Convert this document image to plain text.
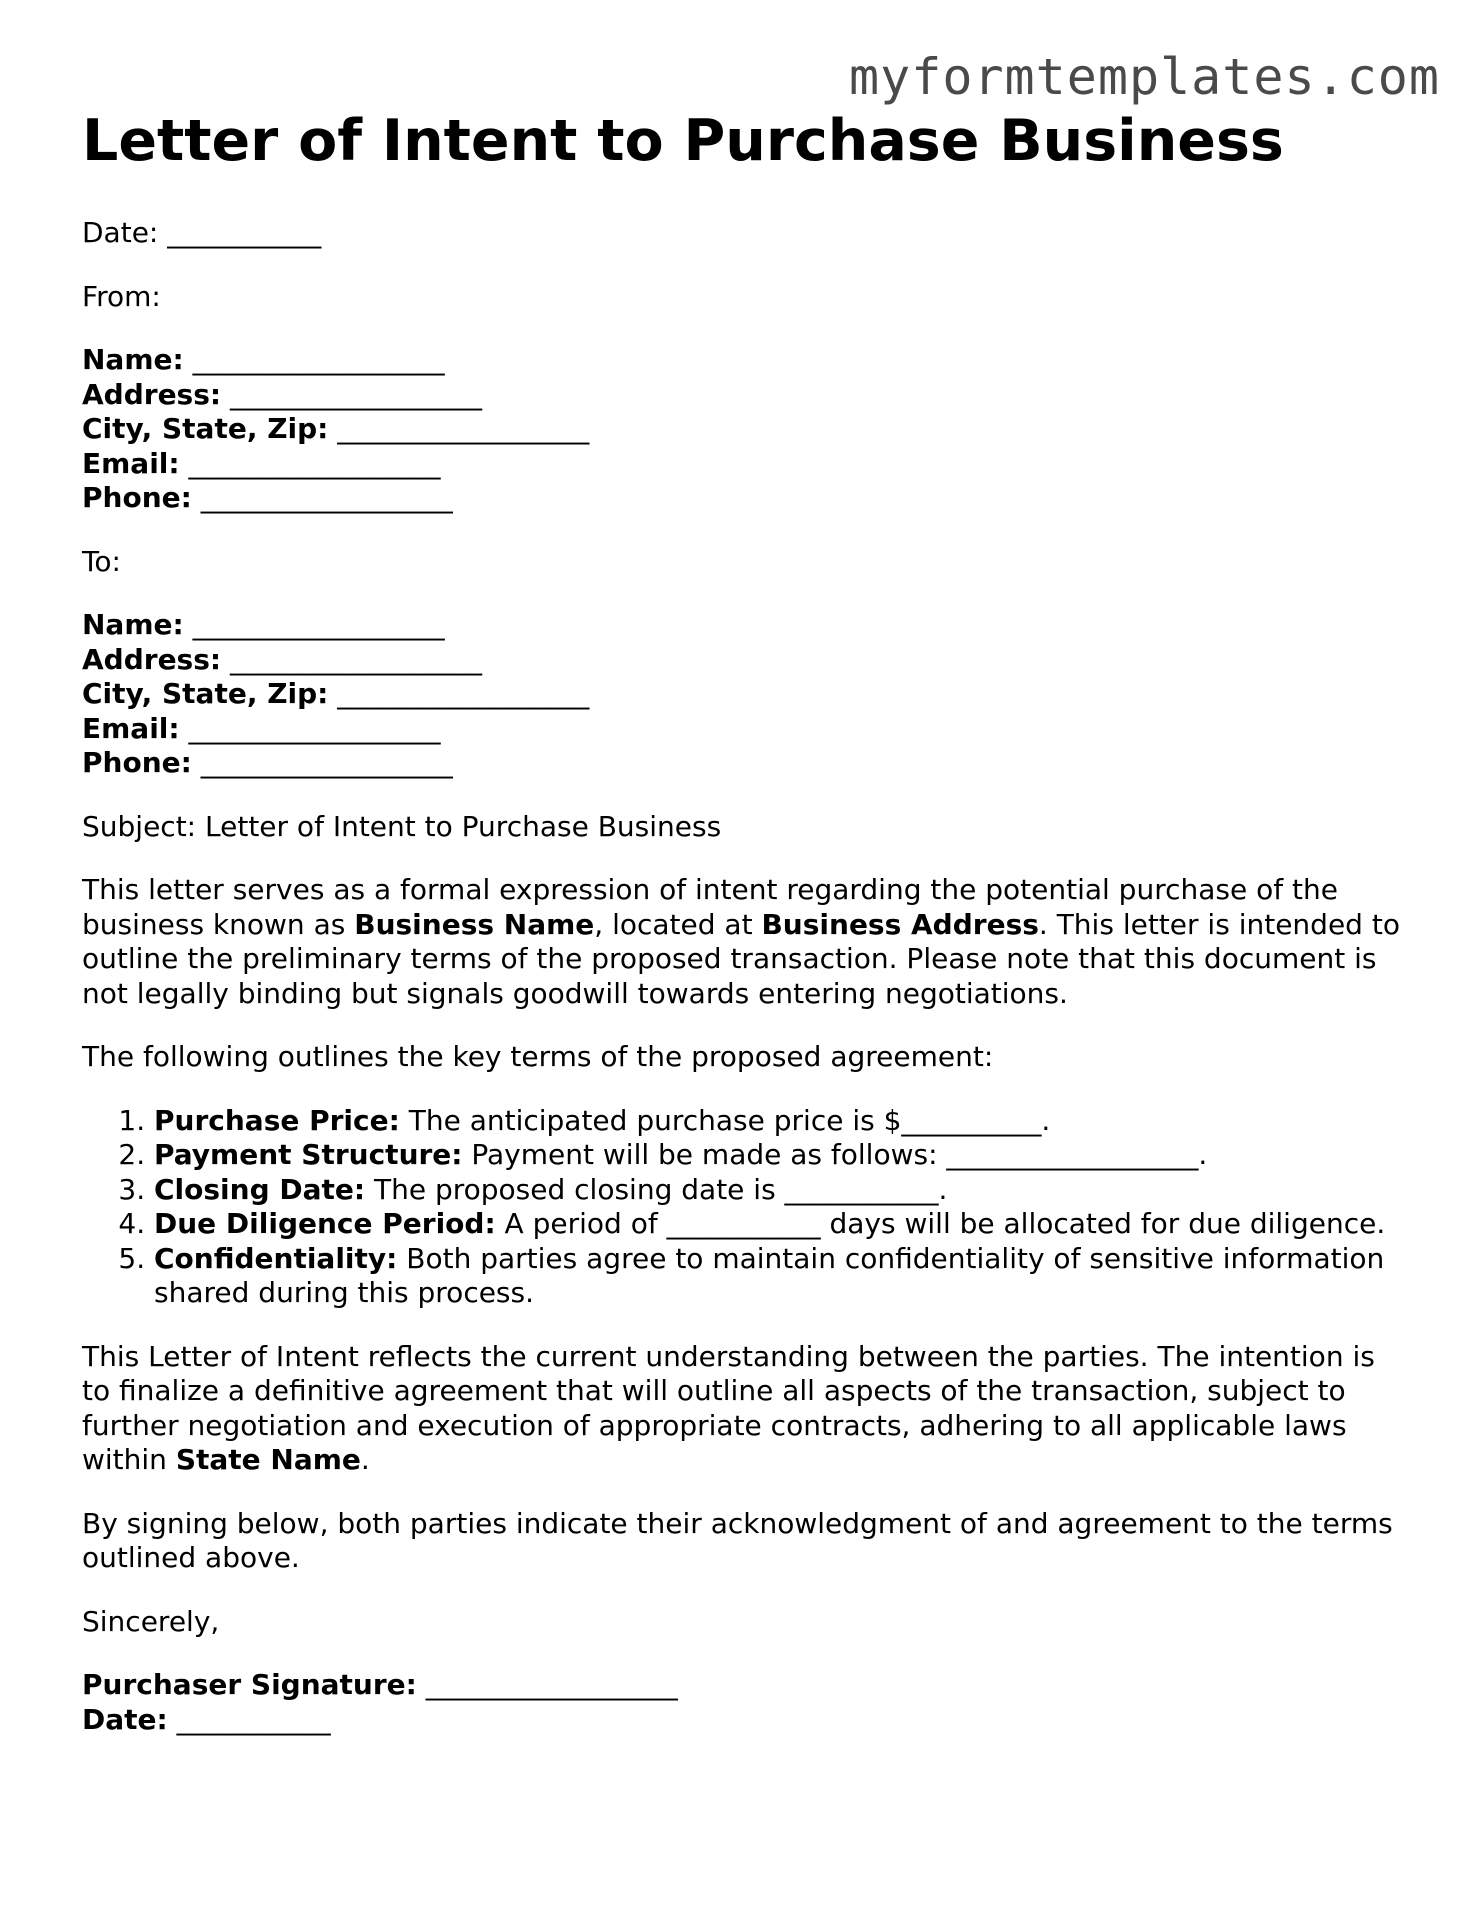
myformtemplates.com
Letter of Intent to Purchase Business
Date: ___________
From:
Name: __________________
Address: __________________
City, State, Zip: __________________
Email: __________________
Phone: __________________
To:
Name: __________________
Address: __________________
City, State, Zip: __________________
Email: __________________
Phone: __________________
Subject: Letter of Intent to Purchase Business
This letter serves as a formal expression of intent regarding the potential purchase of the business known as Business Name, located at Business Address. This letter is intended to outline the preliminary terms of the proposed transaction. Please note that this document is not legally binding but signals goodwill towards entering negotiations.
The following outlines the key terms of the proposed agreement:
1. Purchase Price: The anticipated purchase price is $__________.
2. Payment Structure: Payment will be made as follows: __________________.
3. Closing Date: The proposed closing date is ___________.
4. Due Diligence Period: A period of ___________ days will be allocated for due diligence.
5. Confidentiality: Both parties agree to maintain confidentiality of sensitive information shared during this process.
This Letter of Intent reflects the current understanding between the parties. The intention is to finalize a definitive agreement that will outline all aspects of the transaction, subject to further negotiation and execution of appropriate contracts, adhering to all applicable laws within State Name.
By signing below, both parties indicate their acknowledgment of and agreement to the terms outlined above.
Sincerely,
Purchaser Signature: __________________
Date: ___________
